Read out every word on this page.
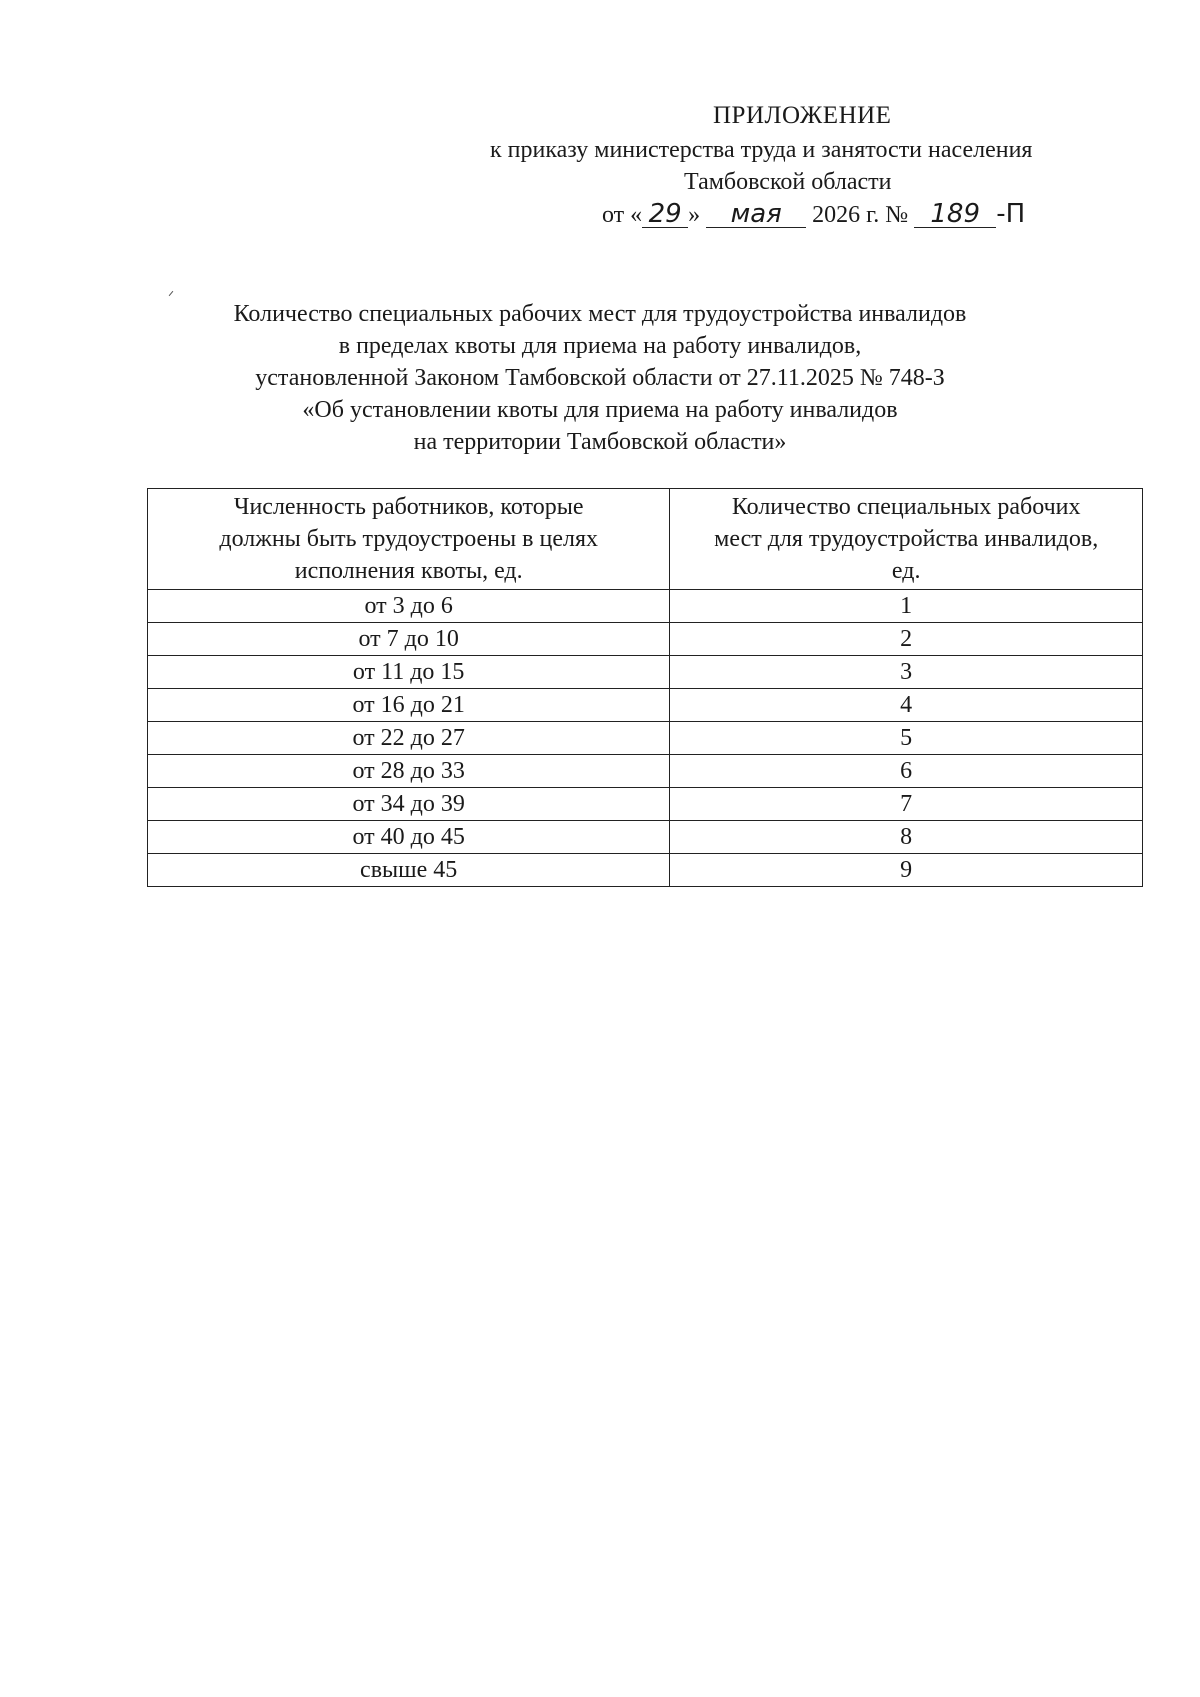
ПРИЛОЖЕНИЕ
к приказу министерства труда и занятости населения
Тамбовской области
от « 29 » мая 2026 г. № 189 -П
Количество специальных рабочих мест для трудоустройства инвалидов
в пределах квоты для приема на работу инвалидов,
установленной Законом Тамбовской области от 27.11.2025 № 748-З
«Об установлении квоты для приема на работу инвалидов
на территории Тамбовской области»
Численность работников, которые должны быть трудоустроены в целях исполнения квоты, ед.	Количество специальных рабочих мест для трудоустройства инвалидов, ед.

от 3 до 6	1
от 7 до 10	2
от 11 до 15	3
от 16 до 21	4
от 22 до 27	5
от 28 до 33	6
от 34 до 39	7
от 40 до 45	8
свыше 45	9
